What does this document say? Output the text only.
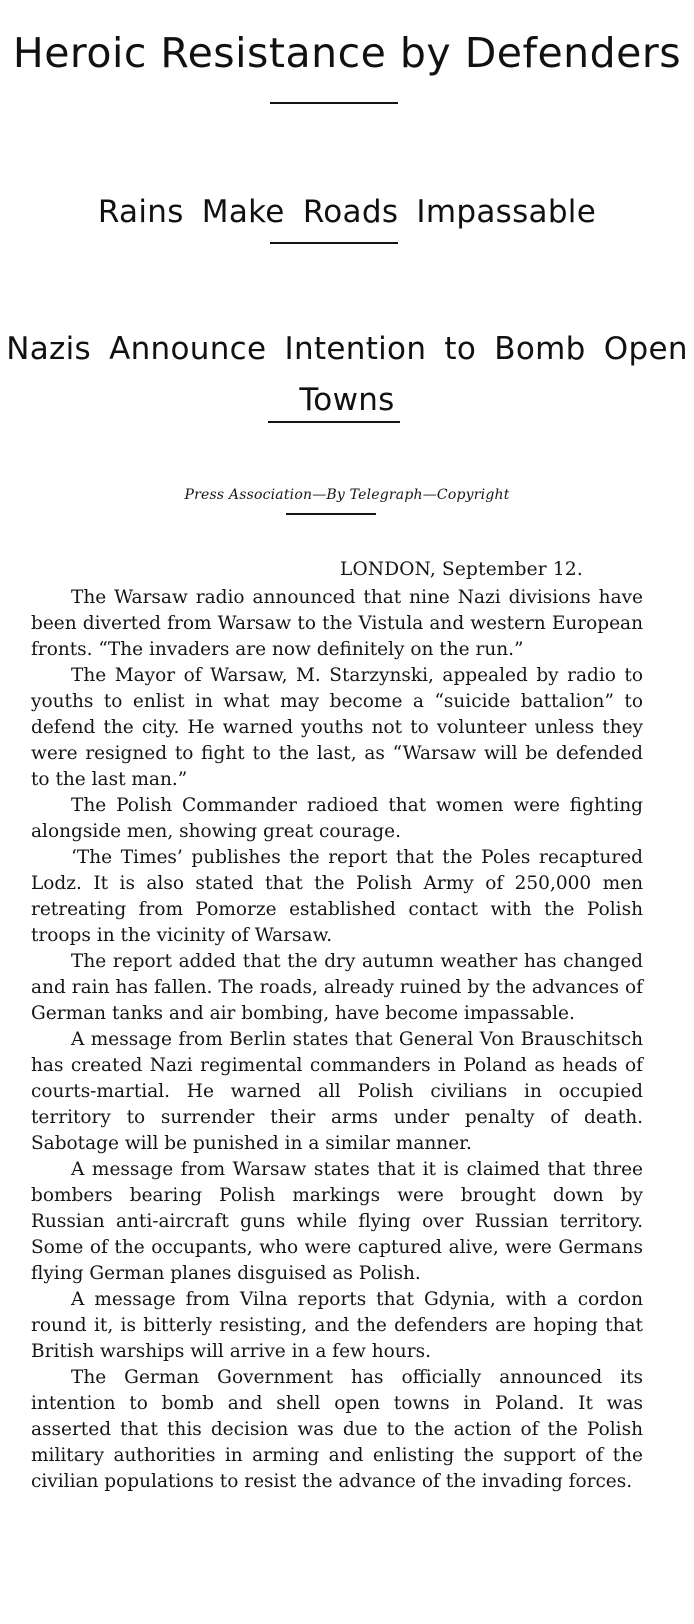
Heroic Resistance by Defenders
Rains Make Roads Impassable
Nazis Announce Intention to Bomb Open Towns
Press Association—By Telegraph—Copyright
LONDON, September 12.

The Warsaw radio announced that nine Nazi divisions have been diverted from Warsaw to the Vistula and western European fronts. “The invaders are now definitely on the run.”

The Mayor of Warsaw, M. Starzynski, appealed by radio to youths to enlist in what may become a “suicide battalion” to defend the city. He warned youths not to volunteer unless they were resigned to fight to the last, as “Warsaw will be defended to the last man.”

The Polish Commander radioed that women were fighting alongside men, showing great courage.

‘The Times’ publishes the report that the Poles recaptured Lodz. It is also stated that the Polish Army of 250,000 men retreating from Pomorze established contact with the Polish troops in the vicinity of Warsaw.

The report added that the dry autumn weather has changed and rain has fallen. The roads, already ruined by the advances of German tanks and air bombing, have become impassable.

A message from Berlin states that General Von Brauschitsch has created Nazi regimental commanders in Poland as heads of courts-martial. He warned all Polish civilians in occupied territory to surrender their arms under penalty of death. Sabotage will be punished in a similar manner.

A message from Warsaw states that it is claimed that three bombers bearing Polish markings were brought down by Russian anti-aircraft guns while flying over Russian territory. Some of the occupants, who were captured alive, were Germans flying German planes disguised as Polish.

A message from Vilna reports that Gdynia, with a cordon round it, is bitterly resisting, and the defenders are hoping that British warships will arrive in a few hours.

The German Government has officially announced its intention to bomb and shell open towns in Poland. It was asserted that this decision was due to the action of the Polish military authorities in arming and enlisting the support of the civilian populations to resist the advance of the invading forces.
